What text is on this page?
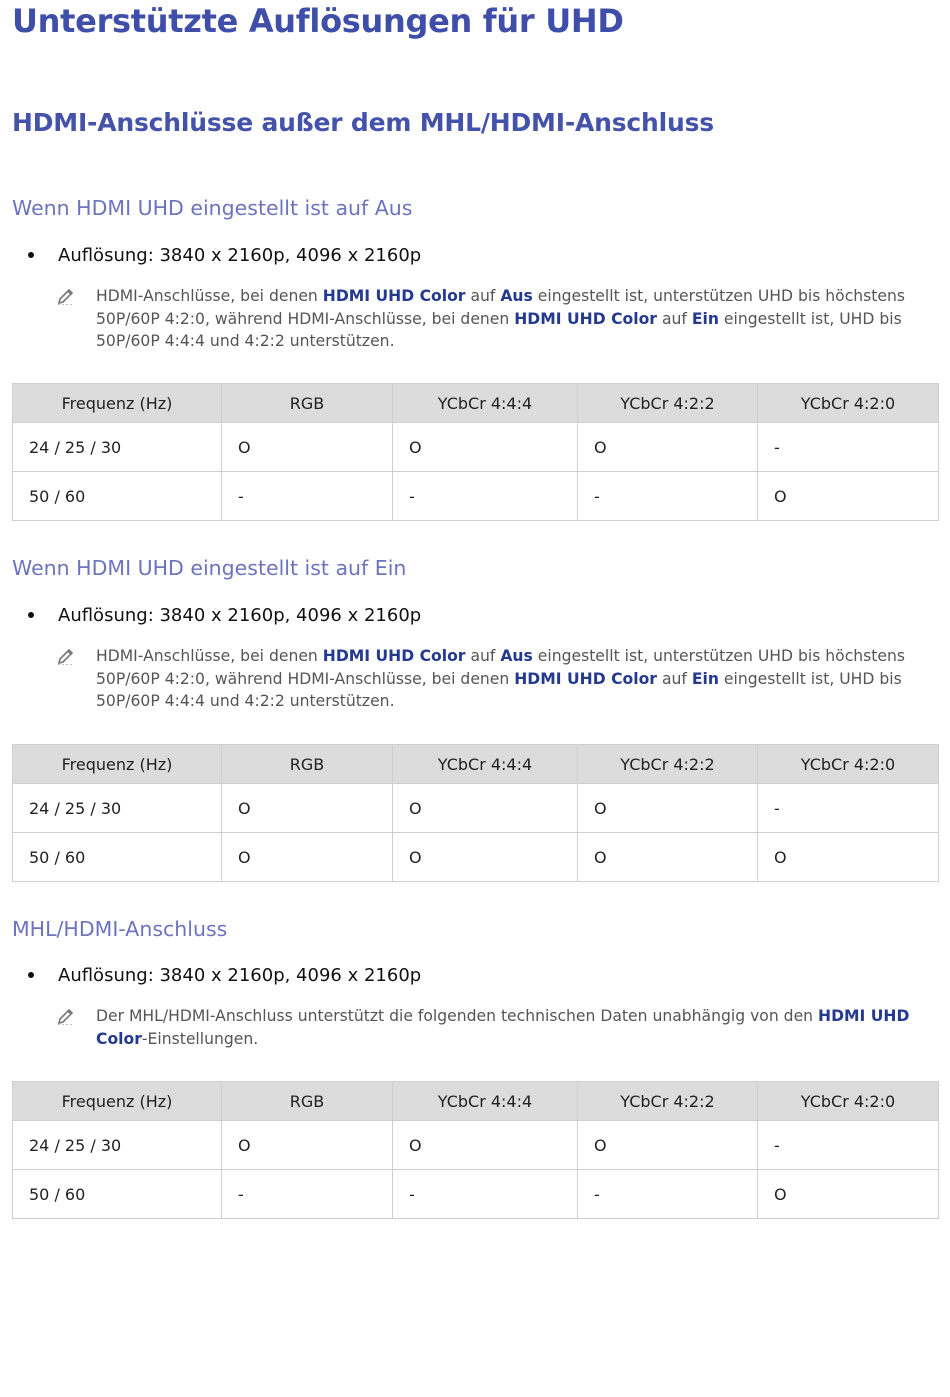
Unterstützte Auflösungen für UHD
HDMI-Anschlüsse außer dem MHL/HDMI-Anschluss
Wenn HDMI UHD eingestellt ist auf Aus
Auflösung: 3840 x 2160p, 4096 x 2160p
HDMI-Anschlüsse, bei denen HDMI UHD Color auf Aus eingestellt ist, unterstützen UHD bis höchstens 50P/60P 4:2:0, während HDMI-Anschlüsse, bei denen HDMI UHD Color auf Ein eingestellt ist, UHD bis 50P/60P 4:4:4 und 4:2:2 unterstützen.
Frequenz (Hz)	RGB	YCbCr 4:4:4	YCbCr 4:2:2	YCbCr 4:2:0
24 / 25 / 30	O	O	O	-
50 / 60	-	-	-	O
Wenn HDMI UHD eingestellt ist auf Ein
Auflösung: 3840 x 2160p, 4096 x 2160p
HDMI-Anschlüsse, bei denen HDMI UHD Color auf Aus eingestellt ist, unterstützen UHD bis höchstens 50P/60P 4:2:0, während HDMI-Anschlüsse, bei denen HDMI UHD Color auf Ein eingestellt ist, UHD bis 50P/60P 4:4:4 und 4:2:2 unterstützen.
Frequenz (Hz)	RGB	YCbCr 4:4:4	YCbCr 4:2:2	YCbCr 4:2:0
24 / 25 / 30	O	O	O	-
50 / 60	O	O	O	O
MHL/HDMI-Anschluss
Auflösung: 3840 x 2160p, 4096 x 2160p
Der MHL/HDMI-Anschluss unterstützt die folgenden technischen Daten unabhängig von den HDMI UHD Color-Einstellungen.
Frequenz (Hz)	RGB	YCbCr 4:4:4	YCbCr 4:2:2	YCbCr 4:2:0
24 / 25 / 30	O	O	O	-
50 / 60	-	-	-	O
